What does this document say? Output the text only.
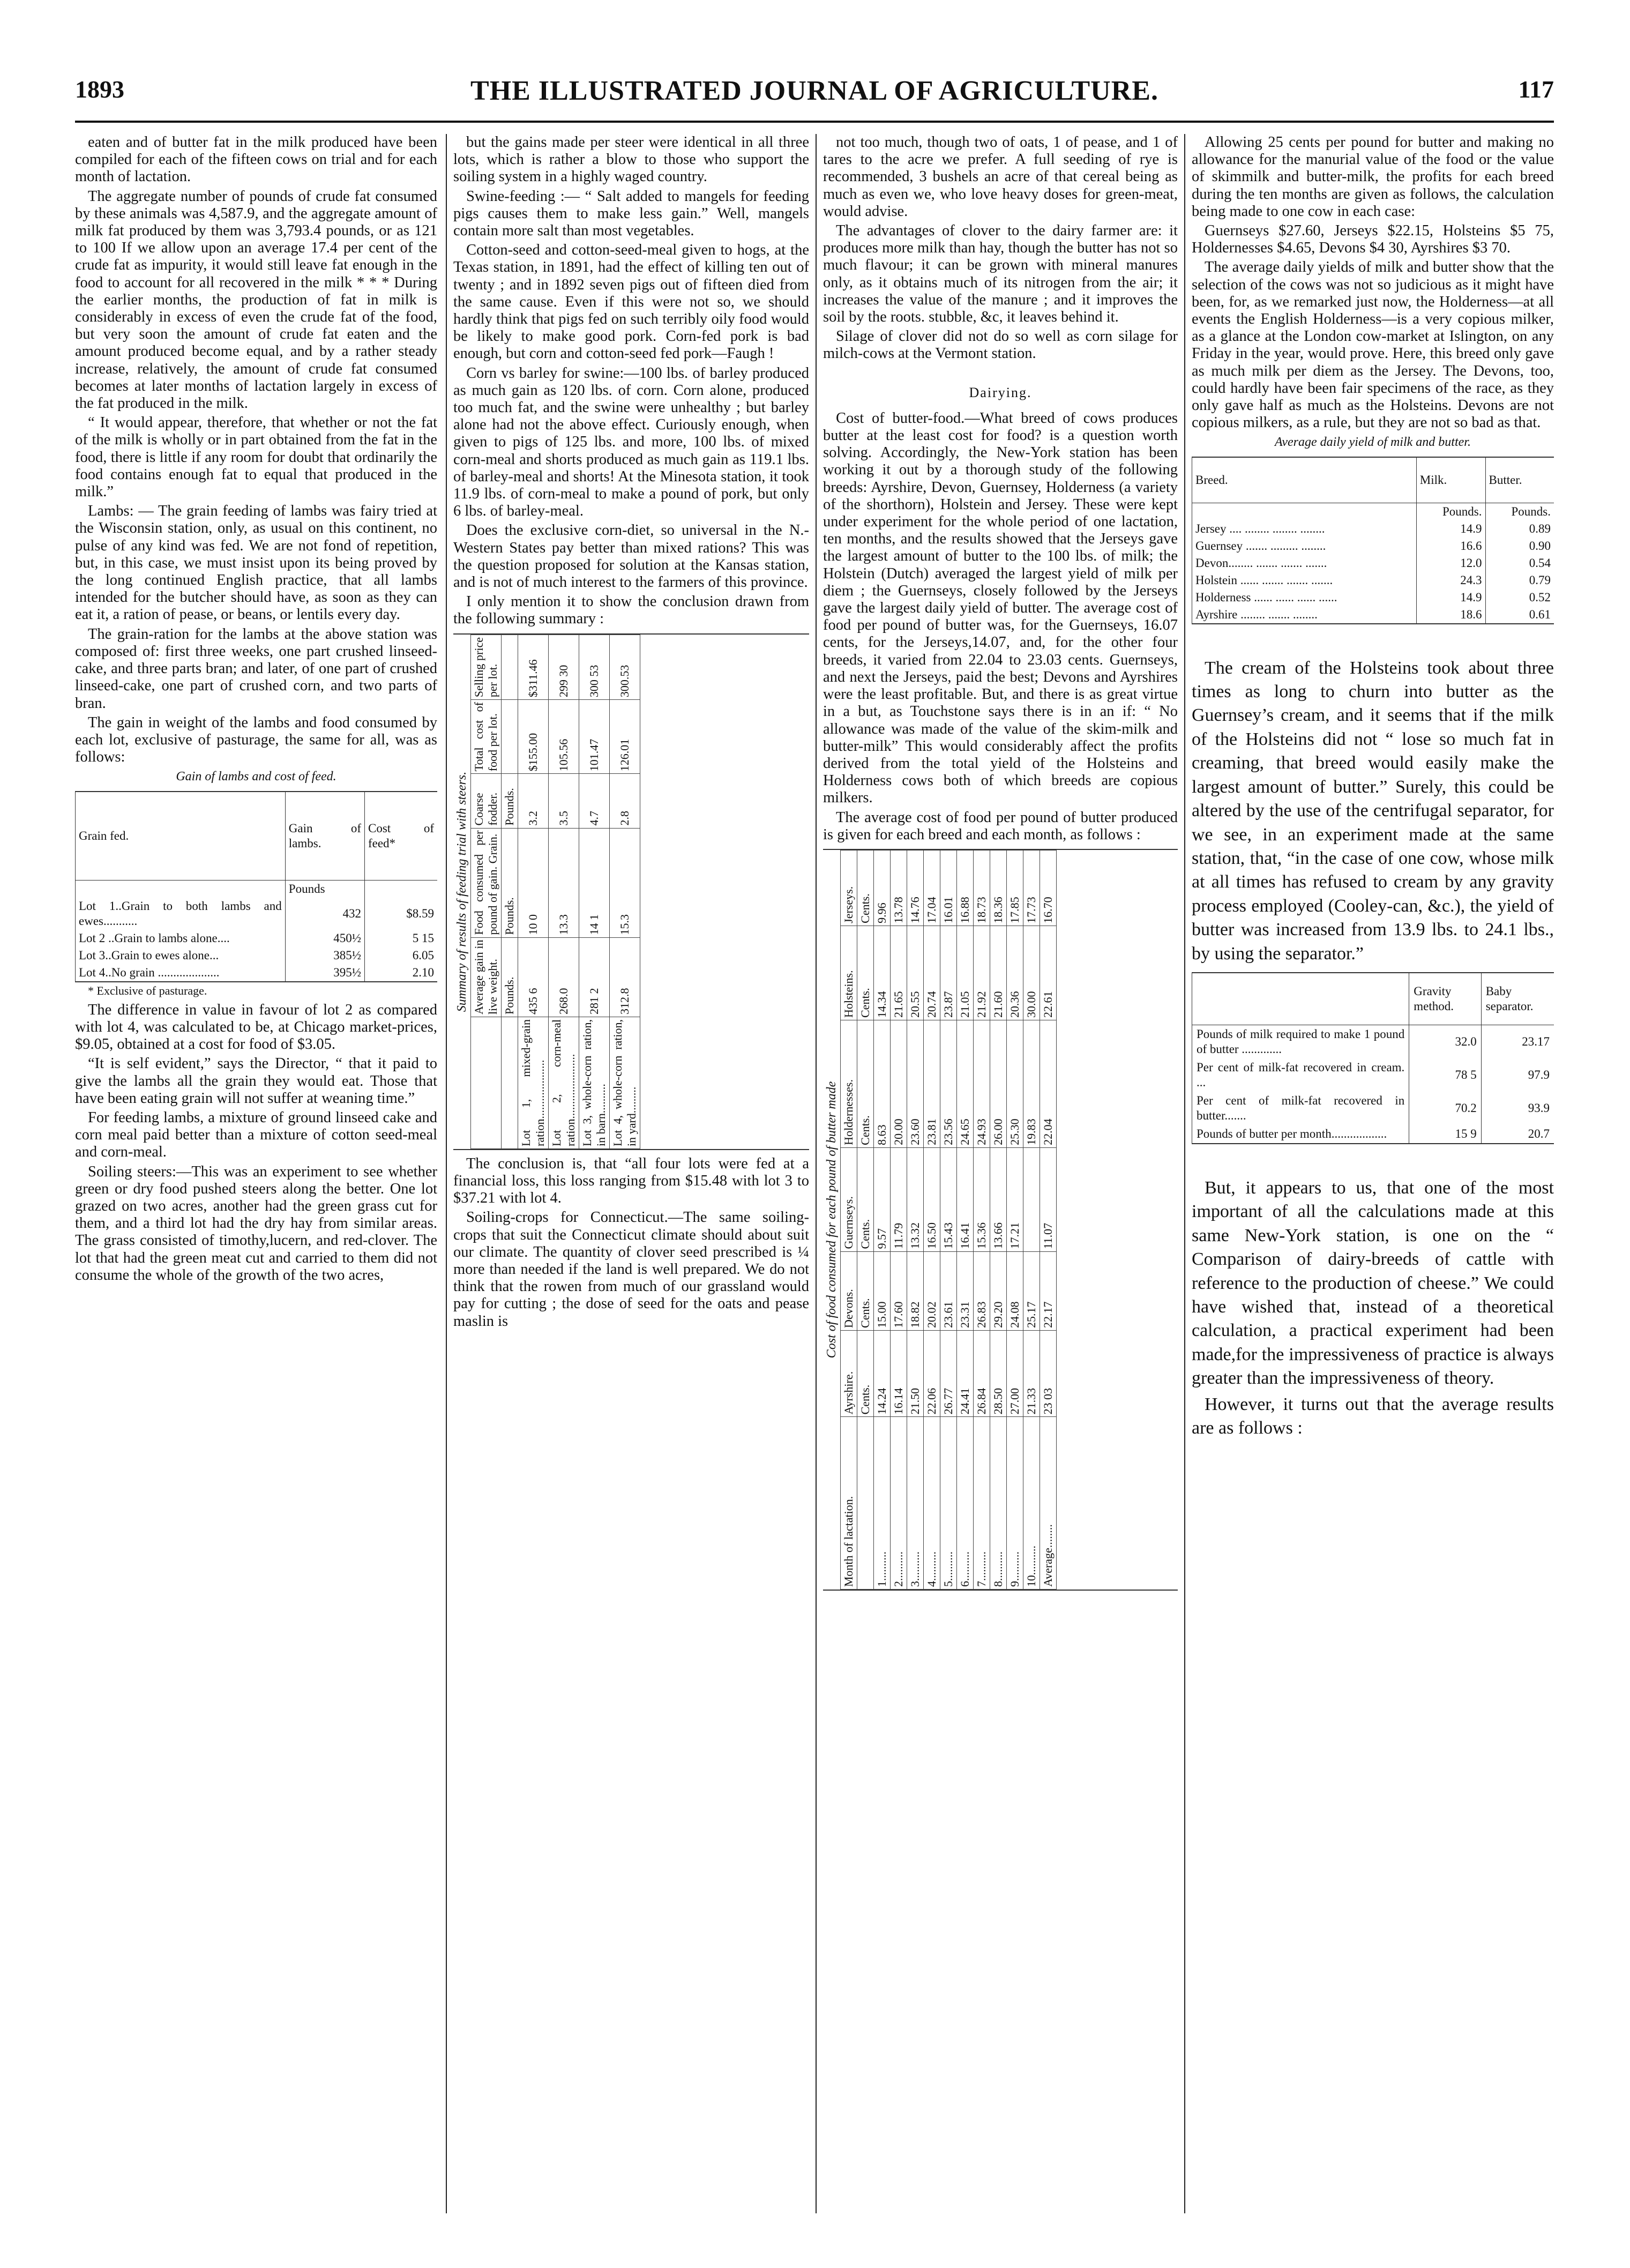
1893	THE ILLUSTRATED JOURNAL OF AGRICULTURE.	117

eaten and of butter fat in the milk produced have been compiled for each of the fifteen cows on trial and for each month of lactation.

The aggregate number of pounds of crude fat consumed by these animals was 4,587.9, and the aggregate amount of milk fat produced by them was 3,793.4 pounds, or as 121 to 100 If we allow upon an average 17.4 per cent of the crude fat as impurity, it would still leave fat enough in the food to account for all recovered in the milk * * * During the earlier months, the production of fat in milk is considerably in excess of even the crude fat of the food, but very soon the amount of crude fat eaten and the amount produced become equal, and by a rather steady increase, relatively, the amount of crude fat consumed becomes at later months of lactation largely in excess of the fat produced in the milk.

“ It would appear, therefore, that whether or not the fat of the milk is wholly or in part obtained from the fat in the food, there is little if any room for doubt that ordinarily the food contains enough fat to equal that produced in the milk.”

Lambs: — The grain feeding of lambs was fairy tried at the Wisconsin station, only, as usual on this continent, no pulse of any kind was fed. We are not fond of repetition, but, in this case, we must insist upon its being proved by the long continued English practice, that all lambs intended for the butcher should have, as soon as they can eat it, a ration of pease, or beans, or lentils every day.

The grain-ration for the lambs at the above station was composed of: first three weeks, one part crushed linseed-cake, and three parts bran; and later, of one part of crushed linseed-cake, one part of crushed corn, and two parts of bran.

The gain in weight of the lambs and food consumed by each lot, exclusive of pasturage, the same for all, was as follows:

Gain of lambs and cost of feed.

Grain fed.	Gain of lambs.	Cost of feed*
	Pounds	
Lot 1..Grain to both lambs and ewes...........	432	$8.59
Lot 2 ..Grain to lambs alone....	450½	5 15
Lot 3..Grain to ewes alone...	385½	6.05
Lot 4..No grain ....................	395½	2.10

* Exclusive of pasturage.

The difference in value in favour of lot 2 as compared with lot 4, was calculated to be, at Chicago market-prices, $9.05, obtained at a cost for food of $3.05.

“It is self evident,” says the Director, “ that it paid to give the lambs all the grain they would eat. Those that have been eating grain will not suffer at weaning time.”

For feeding lambs, a mixture of ground linseed cake and corn meal paid better than a mixture of cotton seed-meal and corn-meal.

Soiling steers:—This was an experiment to see whether green or dry food pushed steers along the better. One lot grazed on two acres, another had the green grass cut for them, and a third lot had the dry hay from similar areas. The grass consisted of timothy,lucern, and red-clover. The lot that had the green meat cut and carried to them did not consume the whole of the growth of the two acres,

but the gains made per steer were identical in all three lots, which is rather a blow to those who support the soiling system in a highly waged country.

Swine-feeding :— “ Salt added to mangels for feeding pigs causes them to make less gain.” Well, mangels contain more salt than most vegetables.

Cotton-seed and cotton-seed-meal given to hogs, at the Texas station, in 1891, had the effect of killing ten out of twenty ; and in 1892 seven pigs out of fifteen died from the same cause. Even if this were not so, we should hardly think that pigs fed on such terribly oily food would be likely to make good pork. Corn-fed pork is bad enough, but corn and cotton-seed fed pork—Faugh !

Corn vs barley for swine:—100 lbs. of barley produced as much gain as 120 lbs. of corn. Corn alone, produced too much fat, and the swine were unhealthy ; but barley alone had not the above effect. Curiously enough, when given to pigs of 125 lbs. and more, 100 lbs. of mixed corn-meal and shorts produced as much gain as 119.1 lbs. of barley-meal and shorts! At the Minesota station, it took 11.9 lbs. of corn-meal to make a pound of pork, but only 6 lbs. of barley-meal.

Does the exclusive corn-diet, so universal in the N.-Western States pay better than mixed rations? This was the question proposed for solution at the Kansas station, and is not of much interest to the farmers of this province.

I only mention it to show the conclusion drawn from the following summary :

Summary of results of feeding trial with steers.
	Average gain in live weight.	Food consumed per pound of gain. Grain.	Coarse fodder.	Total cost of food per lot.	Selling price per lot.
	Pounds.	Pounds.	Pounds.		
Lot 1, mixed-grain ration....................	435 6	10 0	3.2	$155.00	$311.46
Lot 2, corn-meal ration......................	268.0	13.3	3.5	105.56	299 30
Lot 3, whole-corn ration, in barn..........	281 2	14 1	4.7	101.47	300 53
Lot 4, whole-corn ration, in yard.........	312.8	15.3	2.8	126.01	300.53

The conclusion is, that “all four lots were fed at a financial loss, this loss ranging from $15.48 with lot 3 to $37.21 with lot 4.

Soiling-crops for Connecticut.—The same soiling-crops that suit the Connecticut climate should about suit our climate. The quantity of clover seed prescribed is ¼ more than needed if the land is well prepared. We do not think that the rowen from much of our grassland would pay for cutting ; the dose of seed for the oats and pease maslin is

not too much, though two of oats, 1 of pease, and 1 of tares to the acre we prefer. A full seeding of rye is recommended, 3 bushels an acre of that cereal being as much as even we, who love heavy doses for green-meat, would advise.

The advantages of clover to the dairy farmer are: it produces more milk than hay, though the butter has not so much flavour; it can be grown with mineral manures only, as it obtains much of its nitrogen from the air; it increases the value of the manure ; and it improves the soil by the roots. stubble, &c, it leaves behind it.

Silage of clover did not do so well as corn silage for milch-cows at the Vermont station.

Dairying.

Cost of butter-food.—What breed of cows produces butter at the least cost for food? is a question worth solving. Accordingly, the New-York station has been working it out by a thorough study of the following breeds: Ayrshire, Devon, Guernsey, Holderness (a variety of the shorthorn), Holstein and Jersey. These were kept under experiment for the whole period of one lactation, ten months, and the results showed that the Jerseys gave the largest amount of butter to the 100 lbs. of milk; the Holstein (Dutch) averaged the largest yield of milk per diem ; the Guernseys, closely followed by the Jerseys gave the largest daily yield of butter. The average cost of food per pound of butter was, for the Guernseys, 16.07 cents, for the Jerseys,14.07, and, for the other four breeds, it varied from 22.04 to 23.03 cents. Guernseys, and next the Jerseys, paid the best; Devons and Ayrshires were the least profitable. But, and there is as great virtue in a but, as Touchstone says there is in an if: “ No allowance was made of the value of the skim-milk and butter-milk” This would considerably affect the profits derived from the total yield of the Holsteins and Holderness cows both of which breeds are copious milkers.

The average cost of food per pound of butter produced is given for each breed and each month, as follows :

Cost of food consumed for each pound of butter made
Month of lactation.	Ayrshire.	Devons.	Guernseys.	Holdernesses.	Holsteins.	Jerseys.
	Cents.	Cents.	Cents.	Cents.	Cents.	Cents.
1..........	14.24	15.00	9.57	8.63	14.34	9.96
2..........	16.14	17.60	11.79	20.00	21.65	13.78
3..........	21.50	18.82	13.32	23.60	20.55	14.76
4..........	22.06	20.02	16.50	23.81	20.74	17.04
5..........	26.77	23.61	15.43	23.56	23.87	16.01
6..........	24.41	23.31	16.41	24.65	21.05	16.88
7..........	26.84	26.83	15.36	24.93	21.92	18.73
8..........	28.50	29.20	13.66	26.00	21.60	18.36
9..........	27.00	24.08	17.21	25.30	20.36	17.85
10..........	21.33	25.17		19.83	30.00	17.73
Average........	23 03	22.17	11.07	22.04	22.61	16.70

Allowing 25 cents per pound for butter and making no allowance for the manurial value of the food or the value of skimmilk and butter-milk, the profits for each breed during the ten months are given as follows, the calculation being made to one cow in each case:

Guernseys $27.60, Jerseys $22.15, Holsteins $5 75, Holdernesses $4.65, Devons $4 30, Ayrshires $3 70.

The average daily yields of milk and butter show that the selection of the cows was not so judicious as it might have been, for, as we remarked just now, the Holderness—at all events the English Holderness—is a very copious milker, as a glance at the London cow-market at Islington, on any Friday in the year, would prove. Here, this breed only gave as much milk per diem as the Jersey. The Devons, too, could hardly have been fair specimens of the race, as they only gave half as much as the Holsteins. Devons are not copious milkers, as a rule, but they are not so bad as that.

Average daily yield of milk and butter.

Breed.	Milk.	Butter.
	Pounds.	Pounds.
Jersey .... ........ ........ ........	14.9	0.89
Guernsey ....... ......... ........	16.6	0.90
Devon........ ....... ....... .......	12.0	0.54
Holstein ...... ....... ....... .......	24.3	0.79
Holderness ...... ...... ...... ......	14.9	0.52
Ayrshire ........ ....... ........	18.6	0.61

The cream of the Holsteins took about three times as long to churn into butter as the Guernsey’s cream, and it seems that if the milk of the Holsteins did not “ lose so much fat in creaming, that breed would easily make the largest amount of butter.” Surely, this could be altered by the use of the centrifugal separator, for we see, in an experiment made at the same station, that, “in the case of one cow, whose milk at all times has refused to cream by any gravity process employed (Cooley-can, &c.), the yield of butter was increased from 13.9 lbs. to 24.1 lbs., by using the separator.”

	Gravity method.	Baby separator.
Pounds of milk required to make 1 pound of butter .............	32.0	23.17
Per cent of milk-fat recovered in cream. ...	78 5	97.9
Per cent of milk-fat recovered in butter.......	70.2	93.9
Pounds of butter per month..................	15 9	20.7

But, it appears to us, that one of the most important of all the calculations made at this same New-York station, is one on the “ Comparison of dairy-breeds of cattle with reference to the production of cheese.” We could have wished that, instead of a theoretical calculation, a practical experiment had been made,for the impressiveness of practice is always greater than the impressiveness of theory.

However, it turns out that the average results are as follows :
